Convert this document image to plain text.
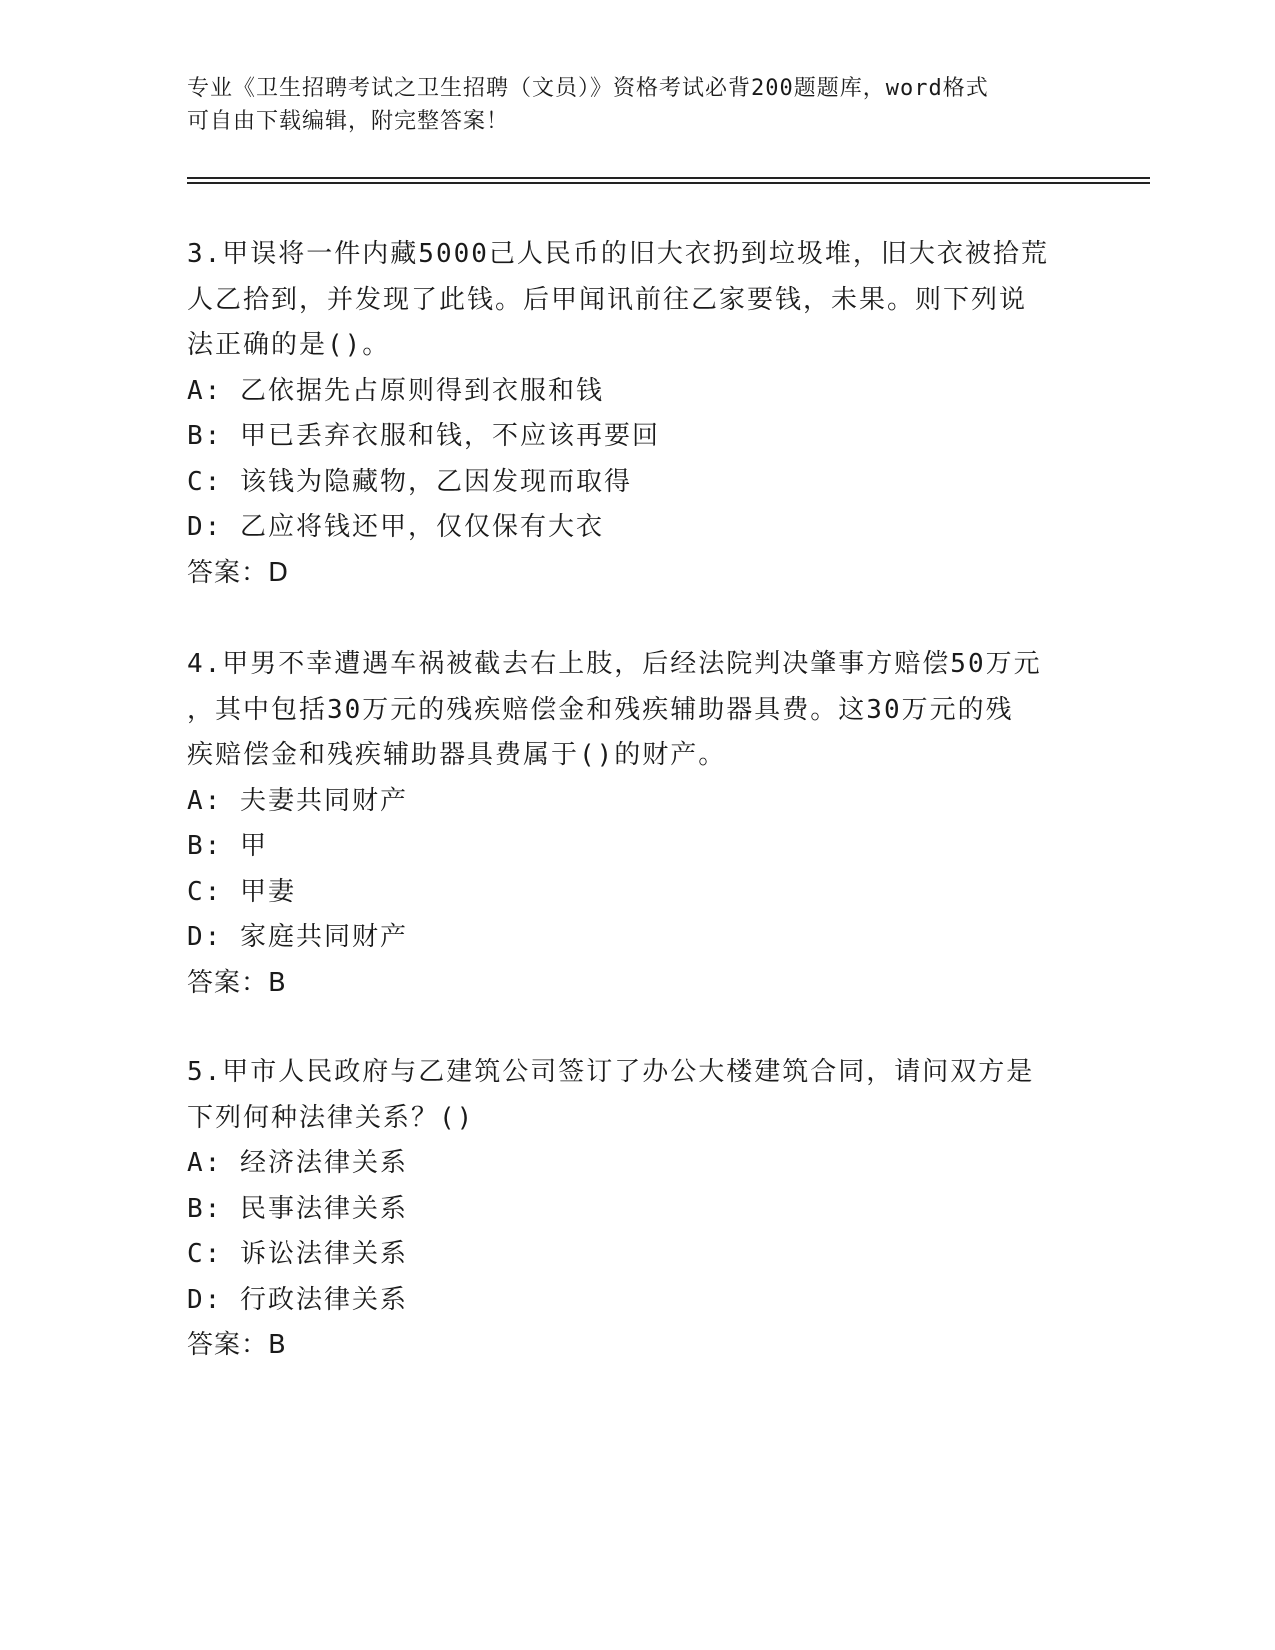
专业《卫生招聘考试之卫生招聘（文员）》资格考试必背200题题库，word格式
可自由下载编辑，附完整答案！
3.甲误将一件内藏5000己人民币的旧大衣扔到垃圾堆，旧大衣被拾荒
人乙拾到，并发现了此钱。后甲闻讯前往乙家要钱，未果。则下列说
法正确的是()。
A: 乙依据先占原则得到衣服和钱
B: 甲已丢弃衣服和钱，不应该再要回
C: 该钱为隐藏物，乙因发现而取得
D: 乙应将钱还甲，仅仅保有大衣
答案：D
4.甲男不幸遭遇车祸被截去右上肢，后经法院判决肇事方赔偿50万元
，其中包括30万元的残疾赔偿金和残疾辅助器具费。这30万元的残
疾赔偿金和残疾辅助器具费属于()的财产。
A: 夫妻共同财产
B: 甲
C: 甲妻
D: 家庭共同财产
答案：B
5.甲市人民政府与乙建筑公司签订了办公大楼建筑合同，请问双方是
下列何种法律关系？()
A: 经济法律关系
B: 民事法律关系
C: 诉讼法律关系
D: 行政法律关系
答案：B
